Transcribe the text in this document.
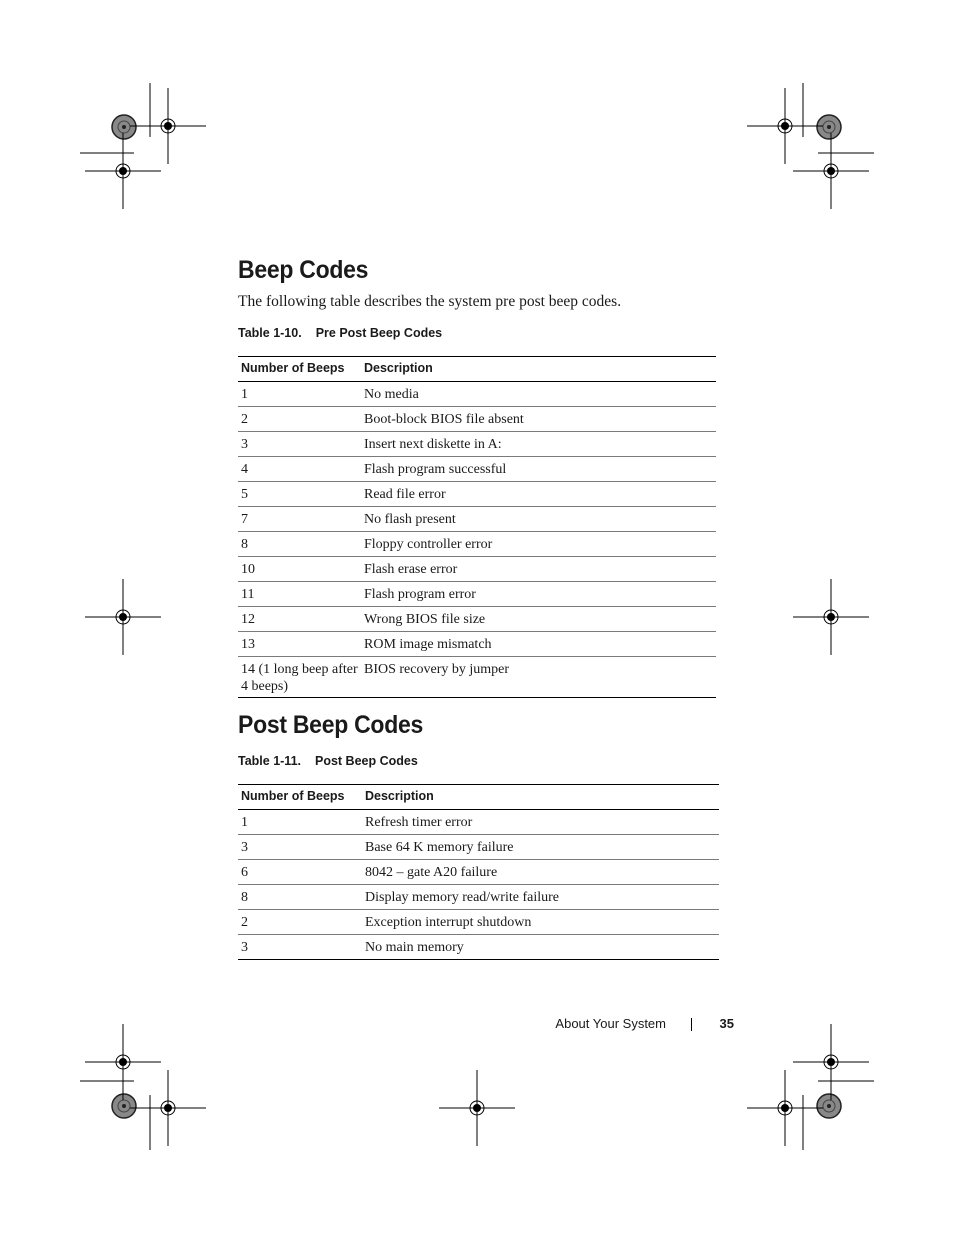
Beep Codes

The following table describes the system pre post beep codes.

Table 1-10. Pre Post Beep Codes

Number of Beeps	Description
1	No media
2	Boot-block BIOS file absent
3	Insert next diskette in A:
4	Flash program successful
5	Read file error
7	No flash present
8	Floppy controller error
10	Flash erase error
11	Flash program error
12	Wrong BIOS file size
13	ROM image mismatch
14 (1 long beep after 4 beeps)	BIOS recovery by jumper
Post Beep Codes

Table 1-11. Post Beep Codes

Number of Beeps	Description
1	Refresh timer error
3	Base 64 K memory failure
6	8042 – gate A20 failure
8	Display memory read/write failure
2	Exception interrupt shutdown
3	No main memory
About Your System	35
